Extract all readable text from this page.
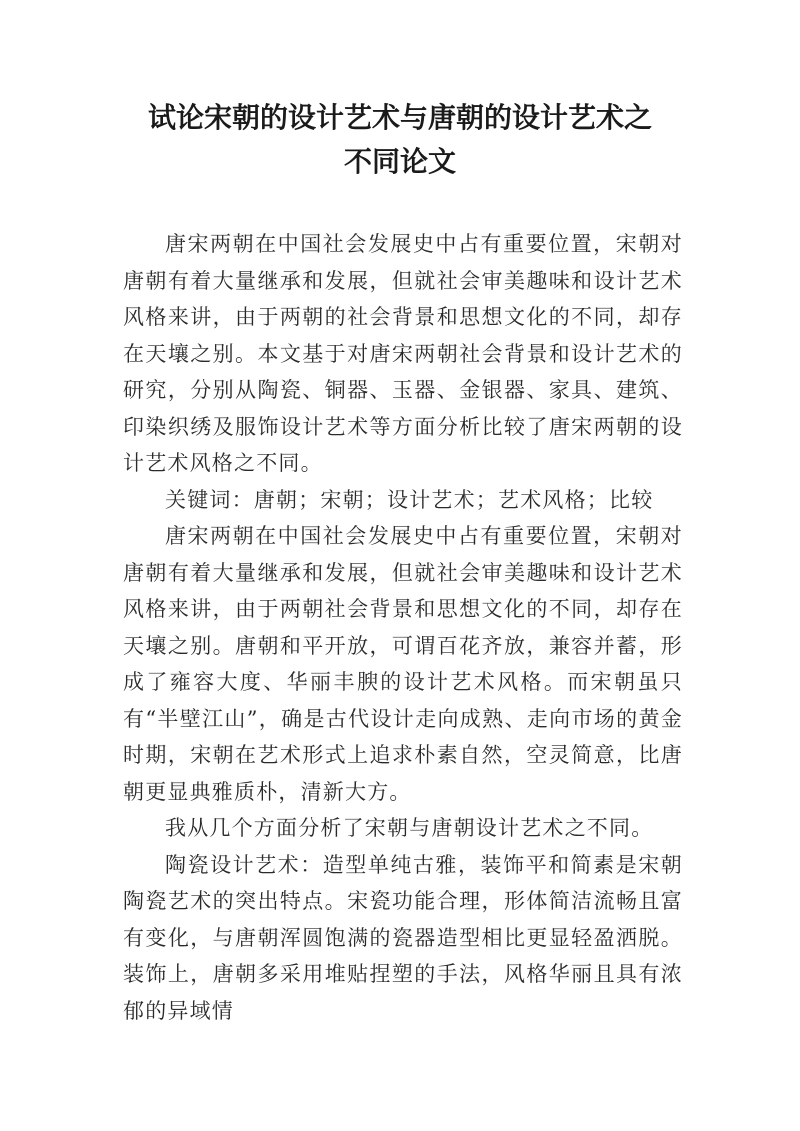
试论宋朝的设计艺术与唐朝的设计艺术之
不同论文

唐宋两朝在中国社会发展史中占有重要位置，宋朝对唐朝有着大量继承和发展，但就社会审美趣味和设计艺术风格来讲，由于两朝的社会背景和思想文化的不同，却存在天壤之别。本文基于对唐宋两朝社会背景和设计艺术的研究，分别从陶瓷、铜器、玉器、金银器、家具、建筑、印染织绣及服饰设计艺术等方面分析比较了唐宋两朝的设计艺术风格之不同。

关键词：唐朝；宋朝；设计艺术；艺术风格；比较

唐宋两朝在中国社会发展史中占有重要位置，宋朝对唐朝有着大量继承和发展，但就社会审美趣味和设计艺术风格来讲，由于两朝社会背景和思想文化的不同，却存在天壤之别。唐朝和平开放，可谓百花齐放，兼容并蓄，形成了雍容大度、华丽丰腴的设计艺术风格。而宋朝虽只有“半壁江山”，确是古代设计走向成熟、走向市场的黄金时期，宋朝在艺术形式上追求朴素自然，空灵简意，比唐朝更显典雅质朴，清新大方。

我从几个方面分析了宋朝与唐朝设计艺术之不同。

陶瓷设计艺术：造型单纯古雅，装饰平和简素是宋朝陶瓷艺术的突出特点。宋瓷功能合理，形体简洁流畅且富有变化，与唐朝浑圆饱满的瓷器造型相比更显轻盈洒脱。装饰上，唐朝多采用堆贴捏塑的手法，风格华丽且具有浓郁的异域情
